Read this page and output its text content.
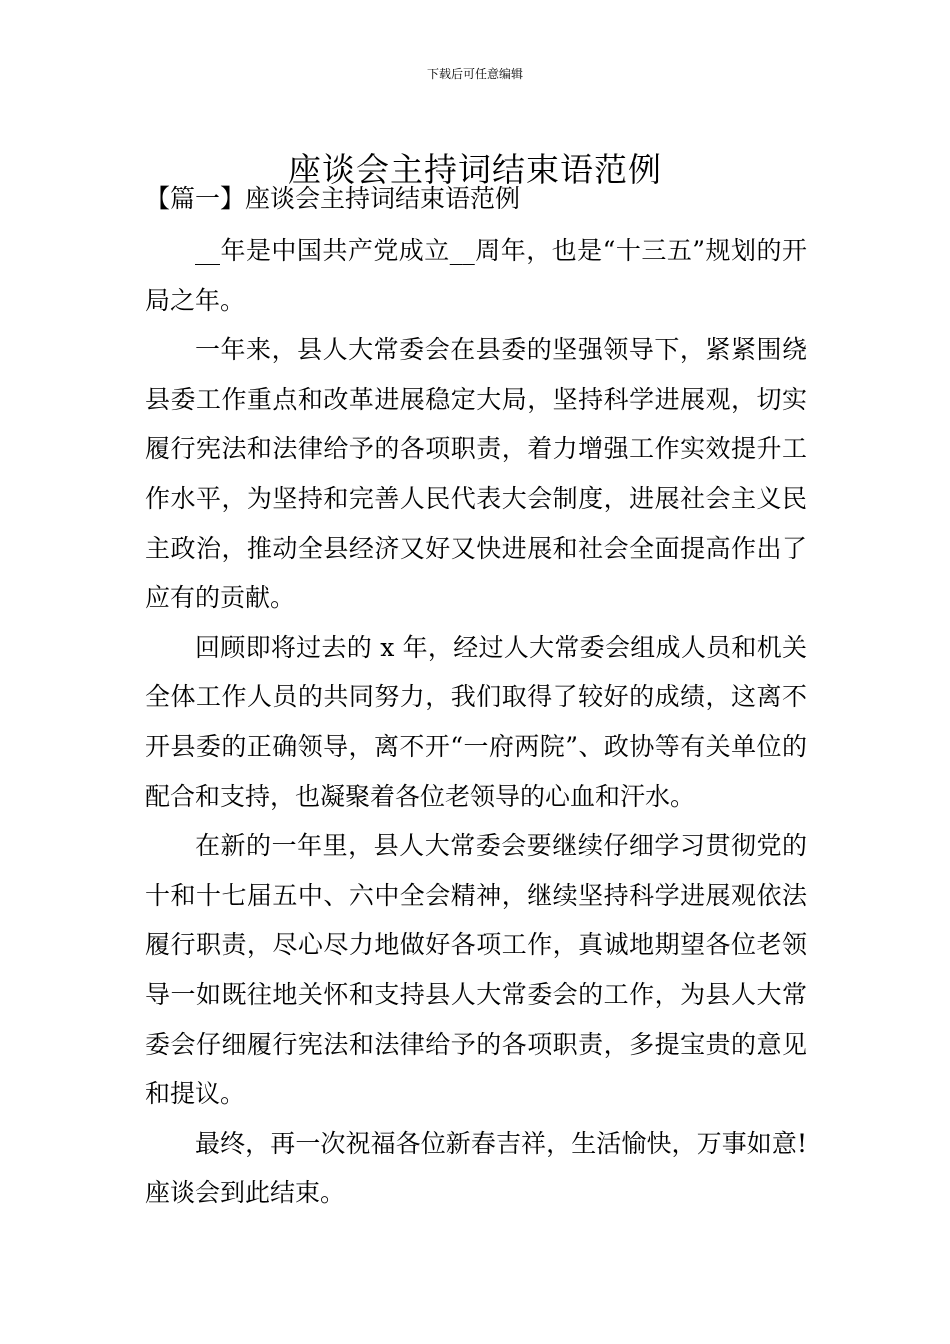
下载后可任意编辑
座谈会主持词结束语范例
【篇一】座谈会主持词结束语范例

__年是中国共产党成立__周年，也是“十三五”规划的开局之年。

一年来，县人大常委会在县委的坚强领导下，紧紧围绕县委工作重点和改革进展稳定大局，坚持科学进展观，切实履行宪法和法律给予的各项职责，着力增强工作实效提升工作水平，为坚持和完善人民代表大会制度，进展社会主义民主政治，推动全县经济又好又快进展和社会全面提高作出了应有的贡献。

回顾即将过去的 x 年，经过人大常委会组成人员和机关全体工作人员的共同努力，我们取得了较好的成绩，这离不开县委的正确领导，离不开“一府两院”、政协等有关单位的配合和支持，也凝聚着各位老领导的心血和汗水。

在新的一年里，县人大常委会要继续仔细学习贯彻党的十和十七届五中、六中全会精神，继续坚持科学进展观依法履行职责，尽心尽力地做好各项工作，真诚地期望各位老领导一如既往地关怀和支持县人大常委会的工作，为县人大常委会仔细履行宪法和法律给予的各项职责，多提宝贵的意见和提议。

最终，再一次祝福各位新春吉祥，生活愉快，万事如意!座谈会到此结束。
